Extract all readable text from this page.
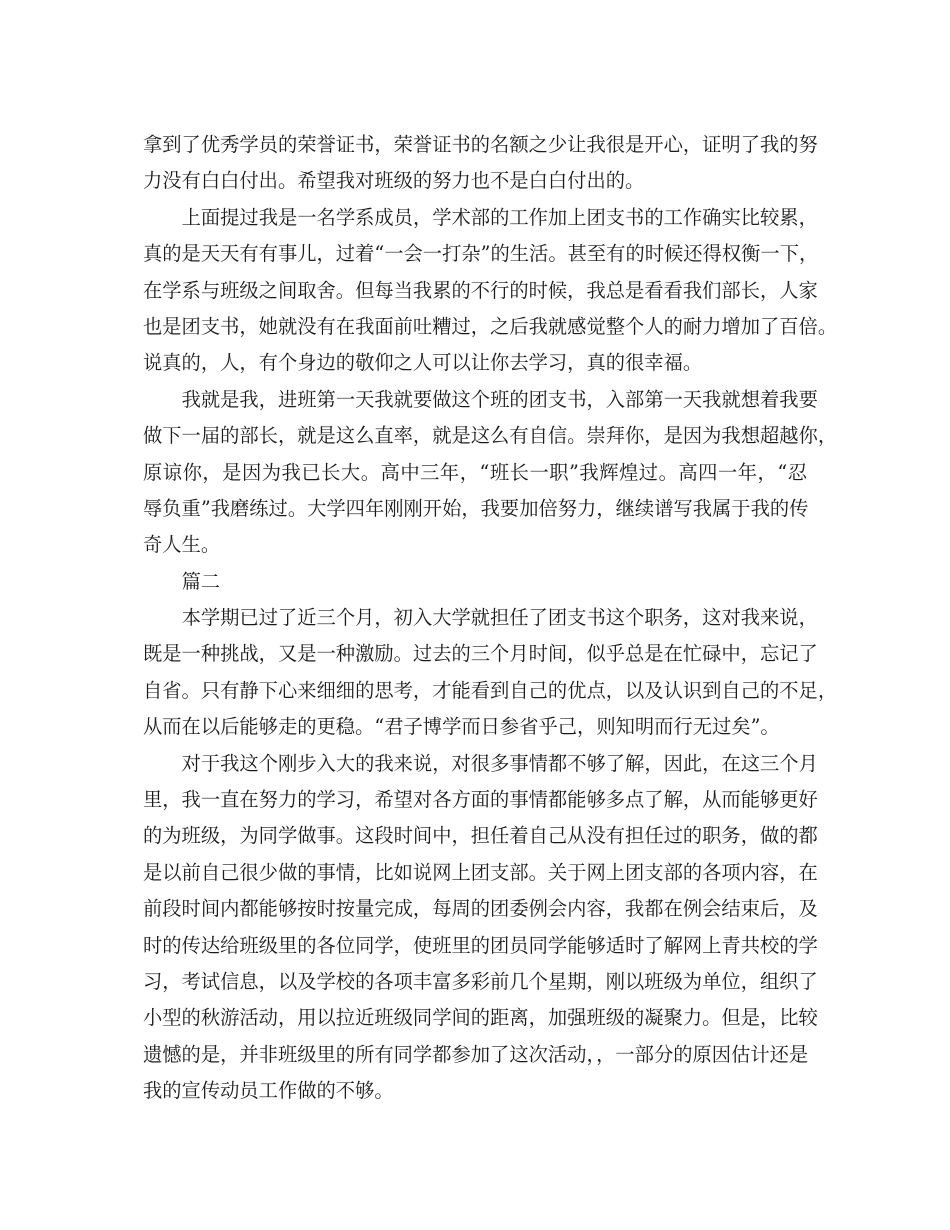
拿到了优秀学员的荣誉证书，荣誉证书的名额之少让我很是开心，证明了我的努
力没有白白付出。希望我对班级的努力也不是白白付出的。
上面提过我是一名学系成员，学术部的工作加上团支书的工作确实比较累，
真的是天天有有事儿，过着“一会一打杂”的生活。甚至有的时候还得权衡一下，
在学系与班级之间取舍。但每当我累的不行的时候，我总是看看我们部长，人家
也是团支书，她就没有在我面前吐糟过，之后我就感觉整个人的耐力增加了百倍。
说真的，人，有个身边的敬仰之人可以让你去学习，真的很幸福。
我就是我，进班第一天我就要做这个班的团支书，入部第一天我就想着我要
做下一届的部长，就是这么直率，就是这么有自信。崇拜你，是因为我想超越你，
原谅你，是因为我已长大。高中三年，“班长一职”我辉煌过。高四一年，“忍
辱负重”我磨练过。大学四年刚刚开始，我要加倍努力，继续谱写我属于我的传
奇人生。
篇二
本学期已过了近三个月，初入大学就担任了团支书这个职务，这对我来说，
既是一种挑战，又是一种激励。过去的三个月时间，似乎总是在忙碌中，忘记了
自省。只有静下心来细细的思考，才能看到自己的优点，以及认识到自己的不足，
从而在以后能够走的更稳。“君子博学而日参省乎己，则知明而行无过矣”。
对于我这个刚步入大的我来说，对很多事情都不够了解，因此，在这三个月
里，我一直在努力的学习，希望对各方面的事情都能够多点了解，从而能够更好
的为班级，为同学做事。这段时间中，担任着自己从没有担任过的职务，做的都
是以前自己很少做的事情，比如说网上团支部。关于网上团支部的各项内容，在
前段时间内都能够按时按量完成，每周的团委例会内容，我都在例会结束后，及
时的传达给班级里的各位同学，使班里的团员同学能够适时了解网上青共校的学
习，考试信息，以及学校的各项丰富多彩前几个星期，刚以班级为单位，组织了
小型的秋游活动，用以拉近班级同学间的距离，加强班级的凝聚力。但是，比较
遗憾的是，并非班级里的所有同学都参加了这次活动，，一部分的原因估计还是
我的宣传动员工作做的不够。
